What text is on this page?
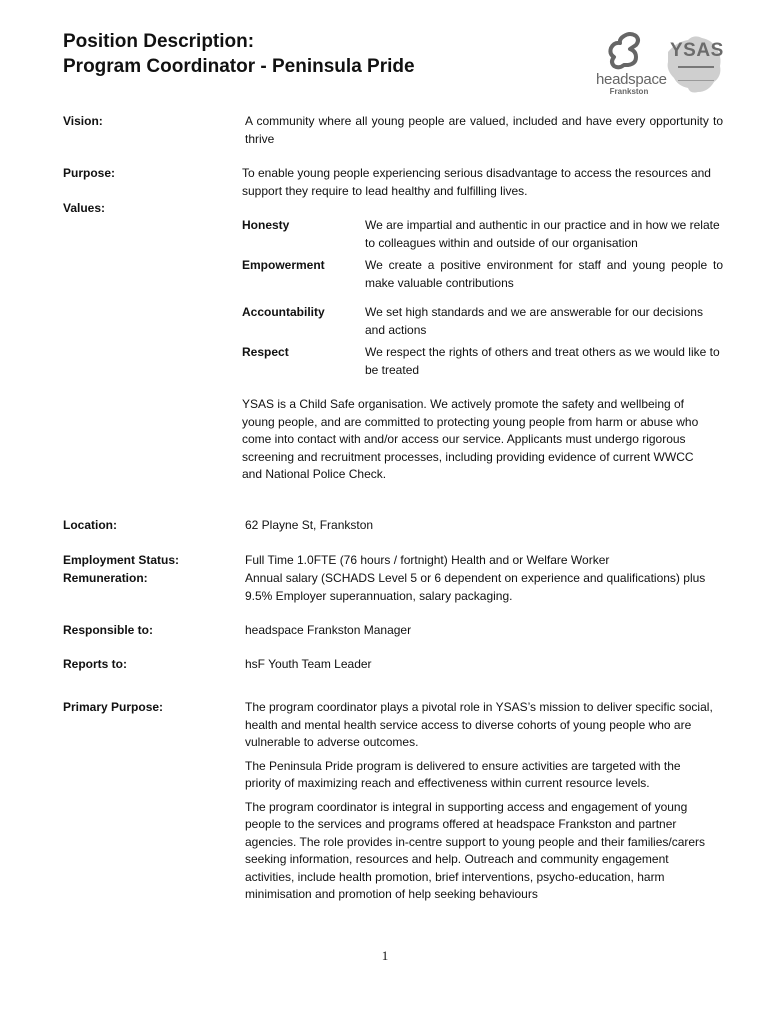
Position Description:
Program Coordinator - Peninsula Pride
headspace
Frankston
YSAS
Vision:	A community where all young people are valued, included and have every opportunity to thrive
Purpose:	To enable young people experiencing serious disadvantage to access the resources and support they require to lead healthy and fulfilling lives.
Values:
Honesty	We are impartial and authentic in our practice and in how we relate to colleagues within and outside of our organisation
Empowerment	We create a positive environment for staff and young people to make valuable contributions
Accountability	We set high standards and we are answerable for our decisions and actions
Respect	We respect the rights of others and treat others as we would like to be treated
YSAS is a Child Safe organisation. We actively promote the safety and wellbeing of young people, and are committed to protecting young people from harm or abuse who come into contact with and/or access our service. Applicants must undergo rigorous screening and recruitment processes, including providing evidence of current WWCC and National Police Check.
Location:	62 Playne St, Frankston
Employment Status:	Full Time 1.0FTE (76 hours / fortnight) Health and or Welfare Worker
Remuneration:	Annual salary (SCHADS Level 5 or 6 dependent on experience and qualifications) plus 9.5% Employer superannuation, salary packaging.
Responsible to:	headspace Frankston Manager
Reports to:	hsF Youth Team Leader
Primary Purpose:	The program coordinator plays a pivotal role in YSAS’s mission to deliver specific social, health and mental health service access to diverse cohorts of young people who are vulnerable to adverse outcomes.

The Peninsula Pride program is delivered to ensure activities are targeted with the priority of maximizing reach and effectiveness within current resource levels.

The program coordinator is integral in supporting access and engagement of young people to the services and programs offered at headspace Frankston and partner agencies. The role provides in-centre support to young people and their families/carers seeking information, resources and help. Outreach and community engagement activities, include health promotion, brief interventions, psycho-education, harm minimisation and promotion of help seeking behaviours

1
